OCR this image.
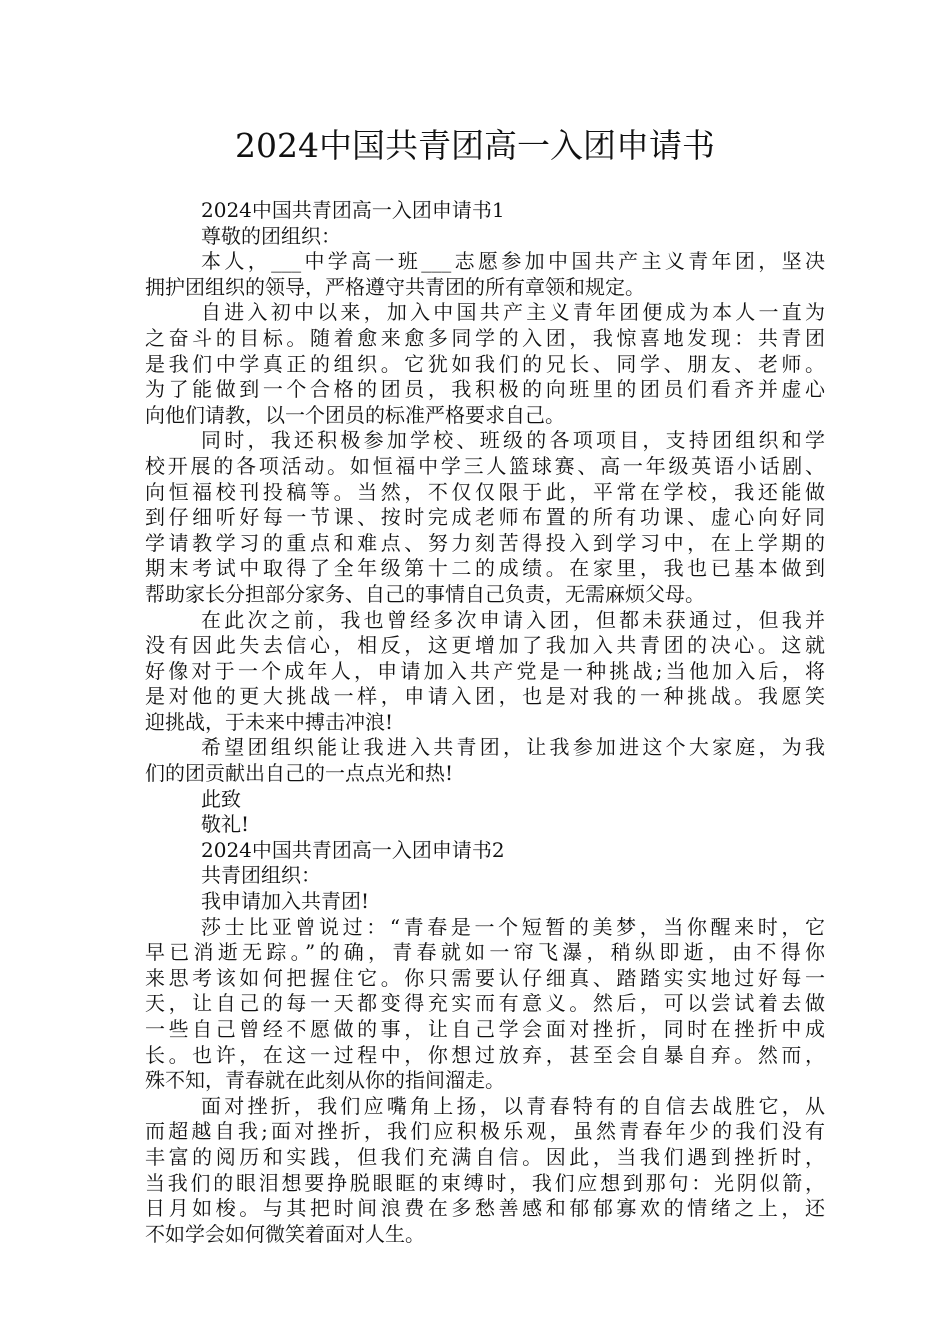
2024中国共青团高一入团申请书
2024中国共青团高一入团申请书1
尊敬的团组织：
本人，___中学高一班___志愿参加中国共产主义青年团，坚决
拥护团组织的领导，严格遵守共青团的所有章领和规定。
自进入初中以来，加入中国共产主义青年团便成为本人一直为
之奋斗的目标。随着愈来愈多同学的入团，我惊喜地发现：共青团
是我们中学真正的组织。它犹如我们的兄长、同学、朋友、老师。
为了能做到一个合格的团员，我积极的向班里的团员们看齐并虚心
向他们请教，以一个团员的标准严格要求自己。
同时，我还积极参加学校、班级的各项项目，支持团组织和学
校开展的各项活动。如恒福中学三人篮球赛、高一年级英语小话剧、
向恒福校刊投稿等。当然，不仅仅限于此，平常在学校，我还能做
到仔细听好每一节课、按时完成老师布置的所有功课、虚心向好同
学请教学习的重点和难点、努力刻苦得投入到学习中，在上学期的
期末考试中取得了全年级第十二的成绩。在家里，我也已基本做到
帮助家长分担部分家务、自己的事情自己负责，无需麻烦父母。
在此次之前，我也曾经多次申请入团，但都未获通过，但我并
没有因此失去信心，相反，这更增加了我加入共青团的决心。这就
好像对于一个成年人，申请加入共产党是一种挑战;当他加入后，将
是对他的更大挑战一样，申请入团，也是对我的一种挑战。我愿笑
迎挑战，于未来中搏击冲浪!
希望团组织能让我进入共青团，让我参加进这个大家庭，为我
们的团贡献出自己的一点点光和热!
此致
敬礼!
2024中国共青团高一入团申请书2
共青团组织：
我申请加入共青团!
莎士比亚曾说过：“青春是一个短暂的美梦，当你醒来时，它
早已消逝无踪。”的确，青春就如一帘飞瀑，稍纵即逝，由不得你
来思考该如何把握住它。你只需要认仔细真、踏踏实实地过好每一
天，让自己的每一天都变得充实而有意义。然后，可以尝试着去做
一些自己曾经不愿做的事，让自己学会面对挫折，同时在挫折中成
长。也许，在这一过程中，你想过放弃，甚至会自暴自弃。然而，
殊不知，青春就在此刻从你的指间溜走。
面对挫折，我们应嘴角上扬，以青春特有的自信去战胜它，从
而超越自我;面对挫折，我们应积极乐观，虽然青春年少的我们没有
丰富的阅历和实践，但我们充满自信。因此，当我们遇到挫折时，
当我们的眼泪想要挣脱眼眶的束缚时，我们应想到那句：光阴似箭，
日月如梭。与其把时间浪费在多愁善感和郁郁寡欢的情绪之上，还
不如学会如何微笑着面对人生。
